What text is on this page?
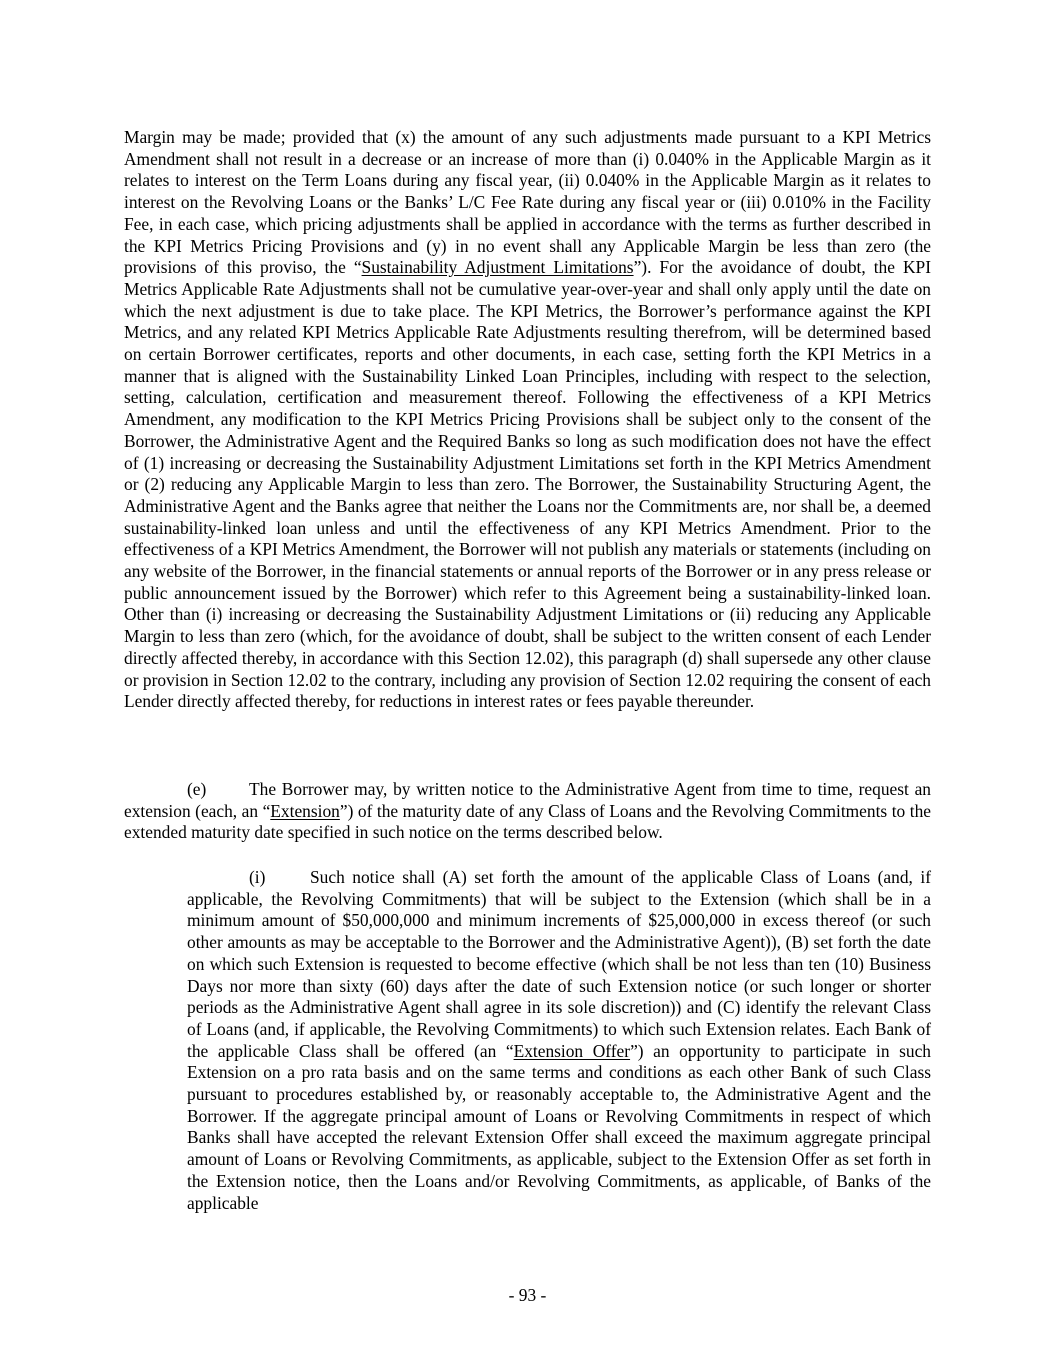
Margin may be made; provided that (x) the amount of any such adjustments made pursuant to a KPI Metrics Amendment shall not result in a decrease or an increase of more than (i) 0.040% in the Applicable Margin as it relates to interest on the Term Loans during any fiscal year, (ii) 0.040% in the Applicable Margin as it relates to interest on the Revolving Loans or the Banks’ L/C Fee Rate during any fiscal year or (iii) 0.010% in the Facility Fee, in each case, which pricing adjustments shall be applied in accordance with the terms as further described in the KPI Metrics Pricing Provisions and (y) in no event shall any Applicable Margin be less than zero (the provisions of this proviso, the “Sustainability Adjustment Limitations”). For the avoidance of doubt, the KPI Metrics Applicable Rate Adjustments shall not be cumulative year-over-year and shall only apply until the date on which the next adjustment is due to take place. The KPI Metrics, the Borrower’s performance against the KPI Metrics, and any related KPI Metrics Applicable Rate Adjustments resulting therefrom, will be determined based on certain Borrower certificates, reports and other documents, in each case, setting forth the KPI Metrics in a manner that is aligned with the Sustainability Linked Loan Principles, including with respect to the selection, setting, calculation, certification and measurement thereof. Following the effectiveness of a KPI Metrics Amendment, any modification to the KPI Metrics Pricing Provisions shall be subject only to the consent of the Borrower, the Administrative Agent and the Required Banks so long as such modification does not have the effect of (1) increasing or decreasing the Sustainability Adjustment Limitations set forth in the KPI Metrics Amendment or (2) reducing any Applicable Margin to less than zero. The Borrower, the Sustainability Structuring Agent, the Administrative Agent and the Banks agree that neither the Loans nor the Commitments are, nor shall be, a deemed sustainability-linked loan unless and until the effectiveness of any KPI Metrics Amendment. Prior to the effectiveness of a KPI Metrics Amendment, the Borrower will not publish any materials or statements (including on any website of the Borrower, in the financial statements or annual reports of the Borrower or in any press release or public announcement issued by the Borrower) which refer to this Agreement being a sustainability-linked loan. Other than (i) increasing or decreasing the Sustainability Adjustment Limitations or (ii) reducing any Applicable Margin to less than zero (which, for the avoidance of doubt, shall be subject to the written consent of each Lender directly affected thereby, in accordance with this Section 12.02), this paragraph (d) shall supersede any other clause or provision in Section 12.02 to the contrary, including any provision of Section 12.02 requiring the consent of each Lender directly affected thereby, for reductions in interest rates or fees payable thereunder.

(e) The Borrower may, by written notice to the Administrative Agent from time to time, request an extension (each, an “Extension”) of the maturity date of any Class of Loans and the Revolving Commitments to the extended maturity date specified in such notice on the terms described below.

(i)	Such notice shall (A) set forth the amount of the applicable Class of Loans (and, if applicable, the Revolving Commitments) that will be subject to the Extension (which shall be in a minimum amount of $50,000,000 and minimum increments of $25,000,000 in excess thereof (or such other amounts as may be acceptable to the Borrower and the Administrative Agent)), (B) set forth the date on which such Extension is requested to become effective (which shall be not less than ten (10) Business Days nor more than sixty (60) days after the date of such Extension notice (or such longer or shorter periods as the Administrative Agent shall agree in its sole discretion)) and (C) identify the relevant Class of Loans (and, if applicable, the Revolving Commitments) to which such Extension relates. Each Bank of the applicable Class shall be offered (an “Extension Offer”) an opportunity to participate in such Extension on a pro rata basis and on the same terms and conditions as each other Bank of such Class pursuant to procedures established by, or reasonably acceptable to, the Administrative Agent and the Borrower. If the aggregate principal amount of Loans or Revolving Commitments in respect of which Banks shall have accepted the relevant Extension Offer shall exceed the maximum aggregate principal amount of Loans or Revolving Commitments, as applicable, subject to the Extension Offer as set forth in the Extension notice, then the Loans and/or Revolving Commitments, as applicable, of Banks of the applicable

- 93 -
